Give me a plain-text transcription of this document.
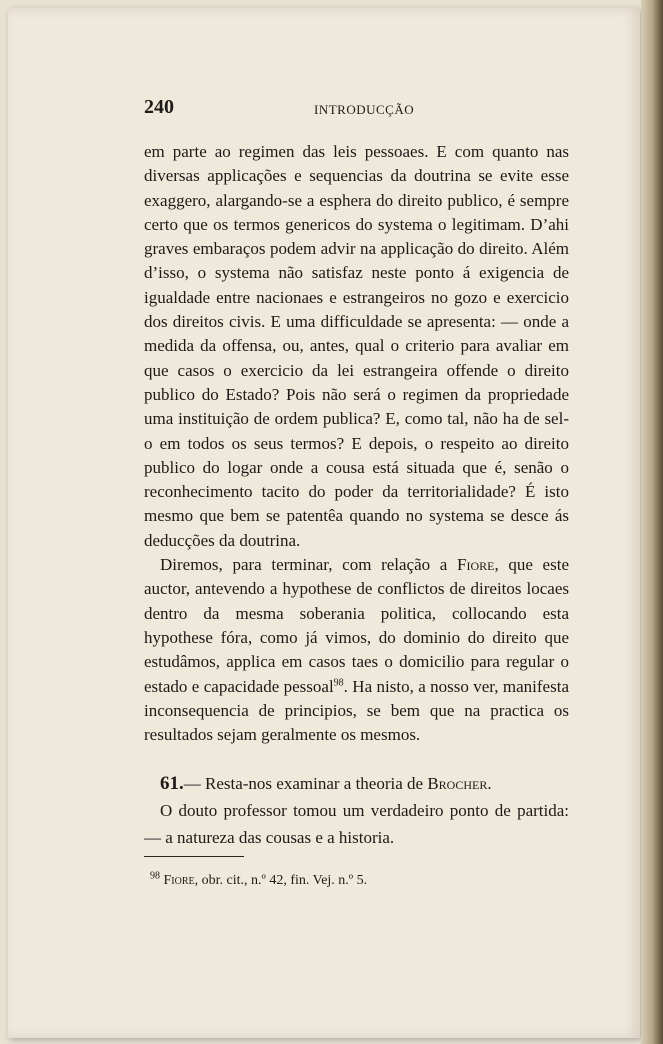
240	INTRODUCÇÃO

em parte ao regimen das leis pessoaes. E com quanto nas diversas applicações e sequencias da doutrina se evite esse exaggero, alargando-se a esphera do direito publico, é sempre certo que os termos genericos do systema o legitimam. D’ahi graves embaraços podem advir na applicação do direito. Além d’isso, o systema não satisfaz neste ponto á exigencia de igualdade entre nacionaes e estrangeiros no gozo e exercicio dos direitos civis. E uma difficuldade se apresenta: — onde a medida da offensa, ou, antes, qual o criterio para avaliar em que casos o exercicio da lei estrangeira offende o direito publico do Estado? Pois não será o regimen da propriedade uma instituição de ordem publica? E, como tal, não ha de sel-o em todos os seus termos? E depois, o respeito ao direito publico do logar onde a cousa está situada que é, senão o reconhecimento tacito do poder da territorialidade? É isto mesmo que bem se patentêa quando no systema se desce ás deducções da doutrina.

Diremos, para terminar, com relação a Fiore, que este auctor, antevendo a hypothese de conflictos de direitos locaes dentro da mesma soberania politica, collocando esta hypothese fóra, como já vimos, do dominio do direito que estudâmos, applica em casos taes o domicilio para regular o estado e capacidade pessoal$^{98}$. Ha nisto, a nosso ver, manifesta inconsequencia de principios, se bem que na practica os resultados sejam geralmente os mesmos.

61.— Resta-nos examinar a theoria de Brocher.

O douto professor tomou um verdadeiro ponto de partida: — a natureza das cousas e a historia.

$^{98}$ Fiore, obr. cit., n.º 42, fin. Vej. n.º 5.
